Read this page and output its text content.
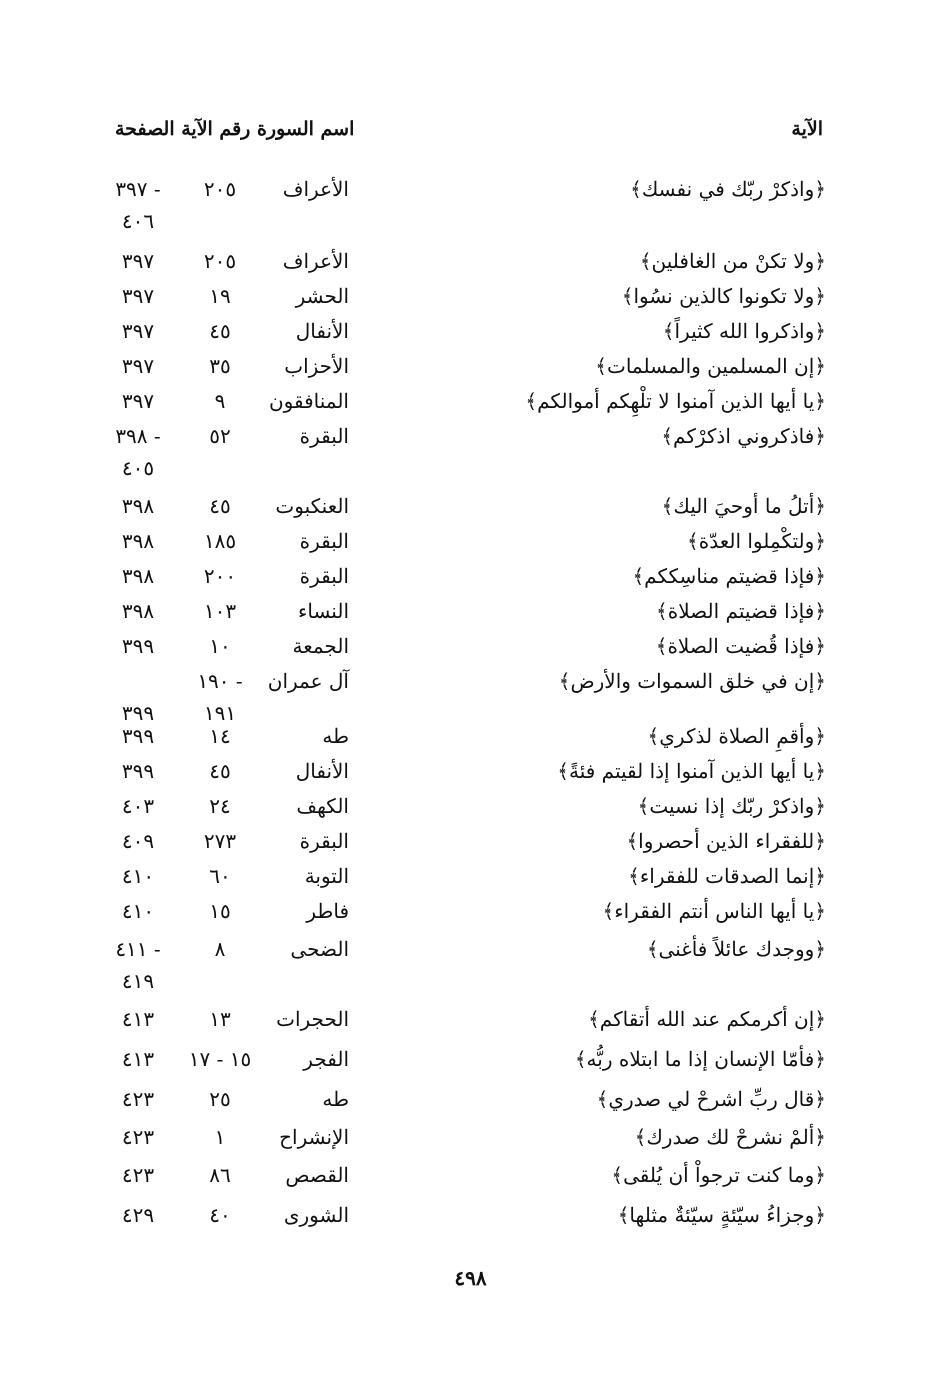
الآية
اسم السورة رقم الآية الصفحة
﴿واذكرْ ربّك في نفسك﴾
الأعراف
٢٠٥
٣٩٧ -
٤٠٦
﴿ولا تكنْ من الغافلين﴾
الأعراف
٢٠٥
٣٩٧
﴿ولا تكونوا كالذين نسُوا﴾
الحشر
١٩
٣٩٧
﴿واذكروا الله كثيراً﴾
الأنفال
٤٥
٣٩٧
﴿إن المسلمين والمسلمات﴾
الأحزاب
٣٥
٣٩٧
﴿يا أيها الذين آمنوا لا تلْهِكم أموالكم﴾
المنافقون
٩
٣٩٧
﴿فاذكروني اذكرْكم﴾
البقرة
٥٢
٣٩٨ -
٤٠٥
﴿أتلُ ما أوحيَ اليك﴾
العنكبوت
٤٥
٣٩٨
﴿ولتكْمِلوا العدّة﴾
البقرة
١٨٥
٣٩٨
﴿فإذا قضيتم مناسِككم﴾
البقرة
٢٠٠
٣٩٨
﴿فإذا قضيتم الصلاة﴾
النساء
١٠٣
٣٩٨
﴿فإذا قُضيت الصلاة﴾
الجمعة
١٠
٣٩٩
﴿إن في خلق السموات والأرض﴾
آل عمران
١٩٠ -
٣٩٩	١٩١
﴿وأقمِ الصلاة لذكري﴾
طه
١٤
٣٩٩
﴿يا أيها الذين آمنوا إذا لقيتم فئةً﴾
الأنفال
٤٥
٣٩٩
﴿واذكرْ ربّك إذا نسيت﴾
الكهف
٢٤
٤٠٣
﴿للفقراء الذين أحصروا﴾
البقرة
٢٧٣
٤٠٩
﴿إنما الصدقات للفقراء﴾
التوبة
٦٠
٤١٠
﴿يا أيها الناس أنتم الفقراء﴾
فاطر
١٥
٤١٠
﴿ووجدك عائلاً فأغنى﴾
الضحى
٨
٤١١ -
٤١٩
﴿إن أكرمكم عند الله أتقاكم﴾
الحجرات
١٣
٤١٣
﴿فأمّا الإنسان إذا ما ابتلاه ربُّه﴾
الفجر
١٥ - ١٧
٤١٣
﴿قال ربِّ اشرحْ لي صدري﴾
طه
٢٥
٤٢٣
﴿ألمْ نشرحْ لك صدرك﴾
الإنشراح
١
٤٢٣
﴿وما كنت ترجواْ أن يُلقى﴾
القصص
٨٦
٤٢٣
﴿وجزاءُ سيّئةٍ سيّئةٌ مثلها﴾
الشورى
٤٠
٤٢٩
٤٩٨
